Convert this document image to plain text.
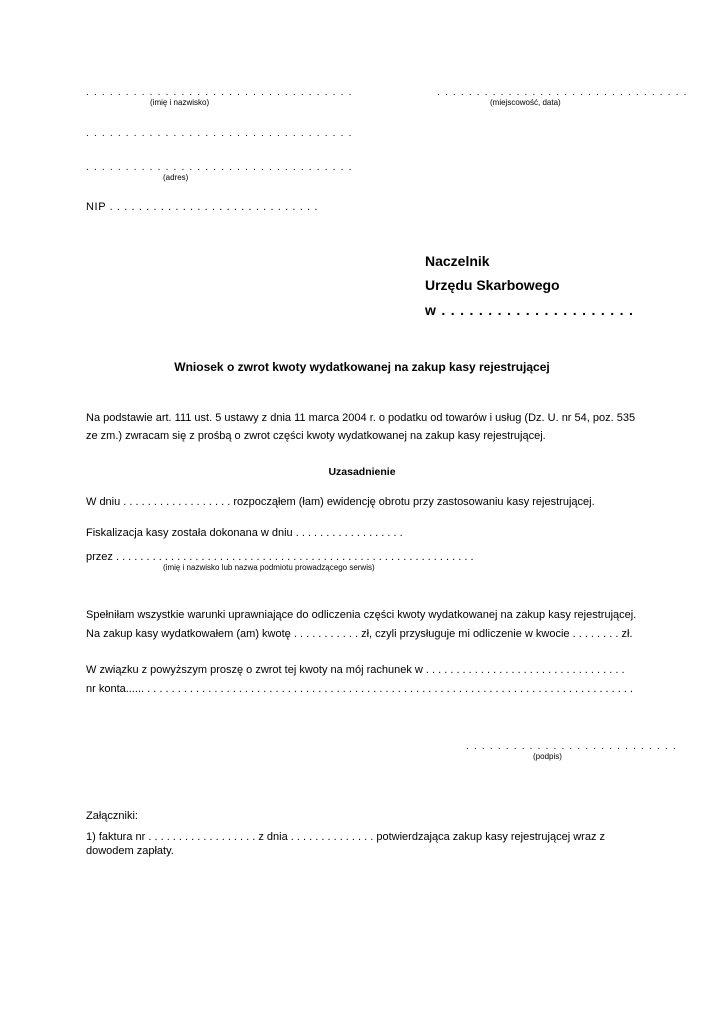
. . . . . . . . . . . . . . . . . . . . . . . . . . . . . . . . . .
(imię i nazwisko)
. . . . . . . . . . . . . . . . . . . . . . . . . . . . . . . . . .
. . . . . . . . . . . . . . . . . . . . . . . . . . . . . . . . . .
(adres)
NIP . . . . . . . . . . . . . . . . . . . . . . . . . . . . .
. . . . . . . . . . . . . . . . . . . . . . . . . . . . . . . .
(miejscowość, data)
Naczelnik
Urzędu Skarbowego
w . . . . . . . . . . . . . . . . . . . . .
Wniosek o zwrot kwoty wydatkowanej na zakup kasy rejestrującej
Na podstawie art. 111 ust. 5 ustawy z dnia 11 marca 2004 r. o podatku od towarów i usług (Dz. U. nr 54, poz. 535
ze zm.) zwracam się z prośbą o zwrot części kwoty wydatkowanej na zakup kasy rejestrującej.
Uzasadnienie
W dniu . . . . . . . . . . . . . . . . . . rozpocząłem (łam) ewidencję obrotu przy zastosowaniu kasy rejestrującej.
Fiskalizacja kasy została dokonana w dniu . . . . . . . . . . . . . . . . . .
przez . . . . . . . . . . . . . . . . . . . . . . . . . . . . . . . . . . . . . . . . . . . . . . . . . . . . . . . . . . .
(imię i nazwisko lub nazwa podmiotu prowadzącego serwis)
Spełniłam wszystkie warunki uprawniające do odliczenia części kwoty wydatkowanej na zakup kasy rejestrującej.
Na zakup kasy wydatkowałem (am) kwotę . . . . . . . . . . . zł, czyli przysługuje mi odliczenie w kwocie . . . . . . . . zł.
W związku z powyższym proszę o zwrot tej kwoty na mój rachunek w . . . . . . . . . . . . . . . . . . . . . . . . . . . . . . . . .
nr konta...... . . . . . . . . . . . . . . . . . . . . . . . . . . . . . . . . . . . . . . . . . . . . . . . . . . . . . . . . . . . . . . . . . . . . . . . . . . . . . . . .
. . . . . . . . . . . . . . . . . . . . . . . . . . .
(podpis)
Załączniki:
1) faktura nr . . . . . . . . . . . . . . . . . . z dnia . . . . . . . . . . . . . . potwierdzająca zakup kasy rejestrującej wraz z
dowodem zapłaty.
